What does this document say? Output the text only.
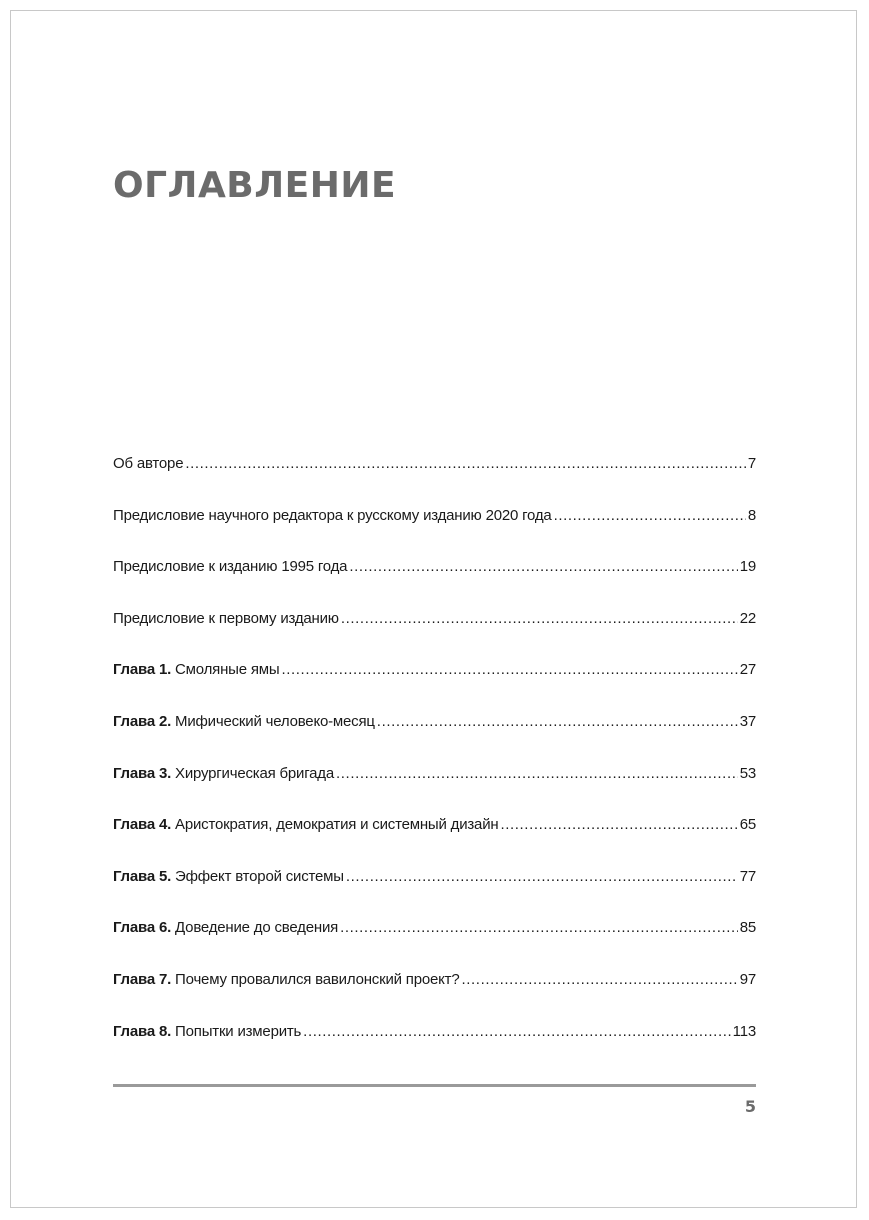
ОГЛАВЛЕНИЕ
Об авторе .....	7
Предисловие научного редактора к русскому изданию 2020 года .....	8
Предисловие к изданию 1995 года .....	19
Предисловие к первому изданию .....	22
Глава 1. Смоляные ямы .....	27
Глава 2. Мифический человеко-месяц .....	37
Глава 3. Хирургическая бригада .....	53
Глава 4. Аристократия, демократия и системный дизайн .....	65
Глава 5. Эффект второй системы .....	77
Глава 6. Доведение до сведения .....	85
Глава 7. Почему провалился вавилонский проект? .....	97
Глава 8. Попытки измерить .....	113
5
